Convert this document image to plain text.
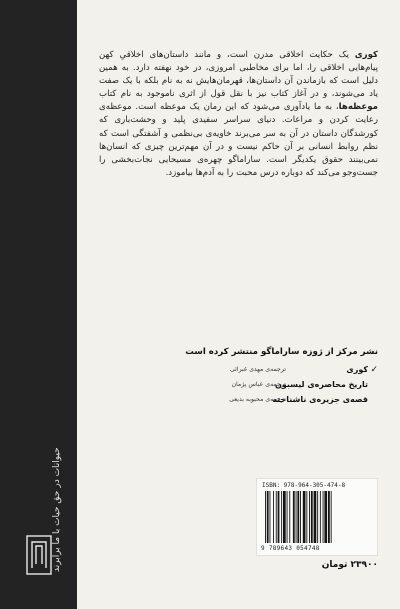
حیوانات در حق حیات با ما برابرند
کوری یک حکایت اخلاقی مدرن است، و مانند داستان‌های اخلاقیِ کهن پیام‌هایی اخلاقی را، اما برای مخاطبی امروزی، در خود نهفته دارد. به همین دلیل است که بازماندن آن داستان‌ها، قهرمان‌هایش نه به نام بلکه با یک صفت یاد می‌شوند، و در آغاز کتاب نیز با نقل قول از اثری ناموجود به نام کتاب موعظه‌ها، به ما یادآوری می‌شود که این رمان یک موعظه است. موعظه‌ی رعایت کردن و مراعات. دنیای سراسر سفیدی پلید و وحشت‌باری که کورشدگان داستان در آن به سر می‌برند خاویه‌ی بی‌نظمی و آشفتگی است که نظم روابط انسانی بر آن حاکم نیست و در آن مهم‌ترین چیزی که انسان‌ها نمی‌بینند حقوق یکدیگر است. ساراماگو چهره‌ی مسیحایی نجات‌بخشی را جست‌وجو می‌کند که دوباره درس محبت را به آدم‌ها بیاموزد.
نشر مرکز از ژوزه ساراماگو منتشر کرده است
✓
کوری
ترجمه‌ی مهدی غبرائی
تاریخ محاصره‌ی لیسبون
ترجمه‌ی عباس پژمان
قصه‌ی جزیره‌ی ناشناخته
ترجمه‌ی محبوبه بدیعی
ISBN: 978-964-305-474-8
9 789643 054748
۲۳۹۰۰ تومان
